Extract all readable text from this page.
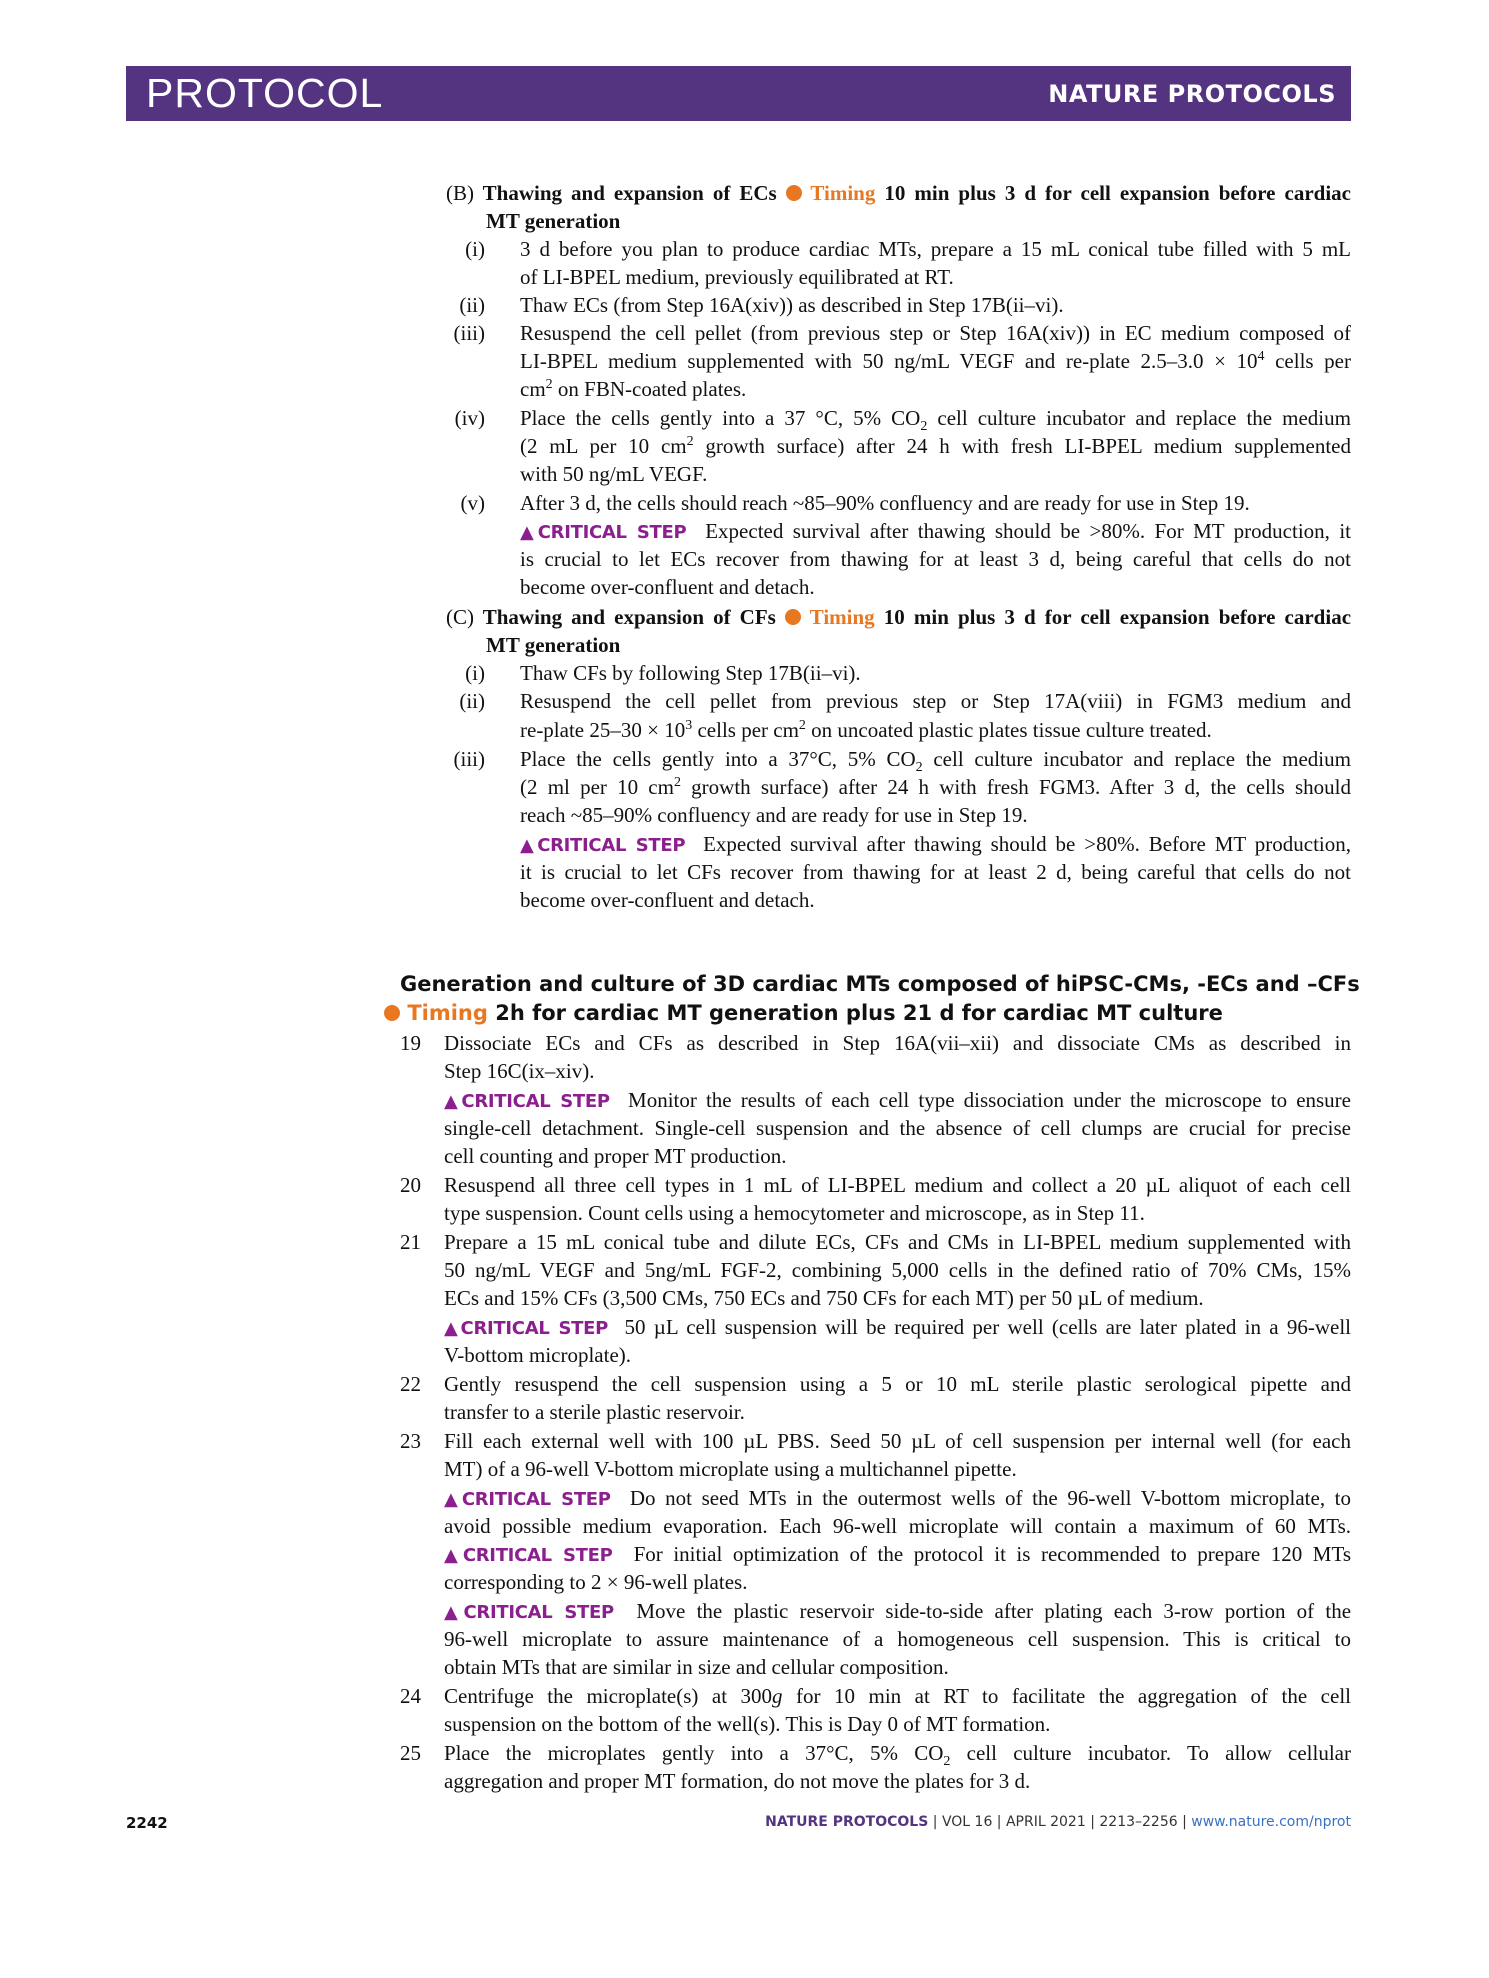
PROTOCOL	NATURE PROTOCOLS
(B) Thawing and expansion of ECs Timing 10 min plus 3 d for cell expansion before cardiac
MT generation
(i) 3 d before you plan to produce cardiac MTs, prepare a 15 mL conical tube filled with 5 mL
of LI-BPEL medium, previously equilibrated at RT.
(ii) Thaw ECs (from Step 16A(xiv)) as described in Step 17B(ii–vi).
(iii) Resuspend the cell pellet (from previous step or Step 16A(xiv)) in EC medium composed of
LI-BPEL medium supplemented with 50 ng/mL VEGF and re-plate $2.5-3.0 \times 10^4$ cells per
$cm^2$ on FBN-coated plates.
(iv) Place the cells gently into a 37 °C, 5% $CO_2$ cell culture incubator and replace the medium
(2 mL per 10 $cm^2$ growth surface) after 24 h with fresh LI-BPEL medium supplemented
with 50 ng/mL VEGF.
(v) After 3 d, the cells should reach ~85–90% confluency and are ready for use in Step 19.
▲CRITICAL STEP Expected survival after thawing should be >80%. For MT production, it
is crucial to let ECs recover from thawing for at least 3 d, being careful that cells do not
become over-confluent and detach.
(C) Thawing and expansion of CFs Timing 10 min plus 3 d for cell expansion before cardiac
MT generation
(i) Thaw CFs by following Step 17B(ii–vi).
(ii) Resuspend the cell pellet from previous step or Step 17A(viii) in FGM3 medium and
re-plate $25-30 \times 10^3$ cells per $cm^2$ on uncoated plastic plates tissue culture treated.
(iii) Place the cells gently into a 37°C, 5% $CO_2$ cell culture incubator and replace the medium
(2 ml per 10 $cm^2$ growth surface) after 24 h with fresh FGM3. After 3 d, the cells should
reach ~85–90% confluency and are ready for use in Step 19.
▲CRITICAL STEP Expected survival after thawing should be >80%. Before MT production,
it is crucial to let CFs recover from thawing for at least 2 d, being careful that cells do not
become over-confluent and detach.
Generation and culture of 3D cardiac MTs composed of hiPSC-CMs, -ECs and –CFs
Timing 2h for cardiac MT generation plus 21 d for cardiac MT culture
19 Dissociate ECs and CFs as described in Step 16A(vii–xii) and dissociate CMs as described in
Step 16C(ix–xiv).
▲CRITICAL STEP Monitor the results of each cell type dissociation under the microscope to ensure
single-cell detachment. Single-cell suspension and the absence of cell clumps are crucial for precise
cell counting and proper MT production.
20 Resuspend all three cell types in 1 mL of LI-BPEL medium and collect a 20 µL aliquot of each cell
type suspension. Count cells using a hemocytometer and microscope, as in Step 11.
21 Prepare a 15 mL conical tube and dilute ECs, CFs and CMs in LI-BPEL medium supplemented with
50 ng/mL VEGF and 5ng/mL FGF-2, combining 5,000 cells in the defined ratio of 70% CMs, 15%
ECs and 15% CFs (3,500 CMs, 750 ECs and 750 CFs for each MT) per 50 µL of medium.
▲CRITICAL STEP 50 µL cell suspension will be required per well (cells are later plated in a 96-well
V-bottom microplate).
22 Gently resuspend the cell suspension using a 5 or 10 mL sterile plastic serological pipette and
transfer to a sterile plastic reservoir.
23 Fill each external well with 100 µL PBS. Seed 50 µL of cell suspension per internal well (for each
MT) of a 96-well V-bottom microplate using a multichannel pipette.
▲CRITICAL STEP Do not seed MTs in the outermost wells of the 96-well V-bottom microplate, to
avoid possible medium evaporation. Each 96-well microplate will contain a maximum of 60 MTs.
▲CRITICAL STEP For initial optimization of the protocol it is recommended to prepare 120 MTs
corresponding to 2 × 96-well plates.
▲CRITICAL STEP Move the plastic reservoir side-to-side after plating each 3-row portion of the
96-well microplate to assure maintenance of a homogeneous cell suspension. This is critical to
obtain MTs that are similar in size and cellular composition.
24 Centrifuge the microplate(s) at 300g for 10 min at RT to facilitate the aggregation of the cell
suspension on the bottom of the well(s). This is Day 0 of MT formation.
25 Place the microplates gently into a 37°C, 5% $CO_2$ cell culture incubator. To allow cellular
aggregation and proper MT formation, do not move the plates for 3 d.
2242	NATURE PROTOCOLS | VOL 16 | APRIL 2021 | 2213–2256 | www.nature.com/nprot
